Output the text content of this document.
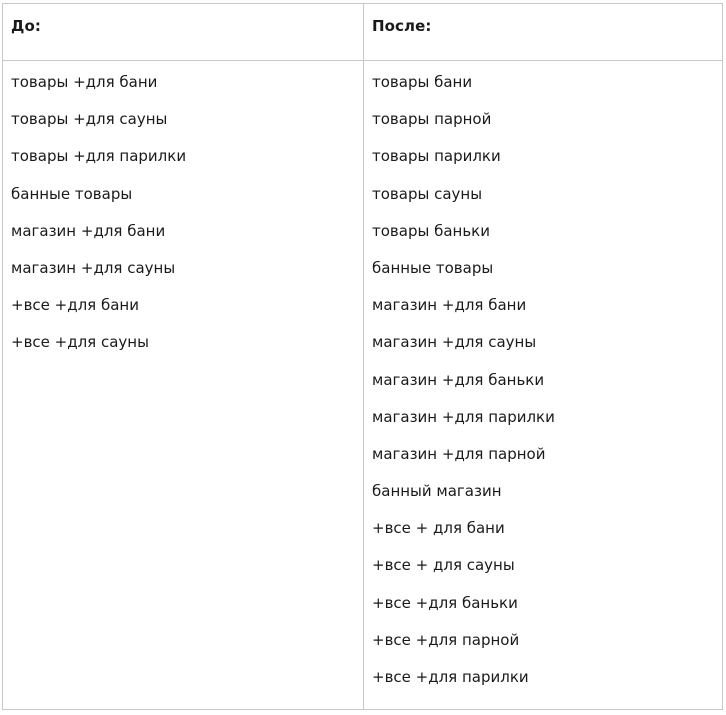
До:	После:
товары +для бани
товары +для сауны
товары +для парилки
банные товары
магазин +для бани
магазин +для сауны
+все +для бани
+все +для сауны
товары бани
товары парной
товары парилки
товары сауны
товары баньки
банные товары
магазин +для бани
магазин +для сауны
магазин +для баньки
магазин +для парилки
магазин +для парной
банный магазин
+все + для бани
+все + для сауны
+все +для баньки
+все +для парной
+все +для парилки
